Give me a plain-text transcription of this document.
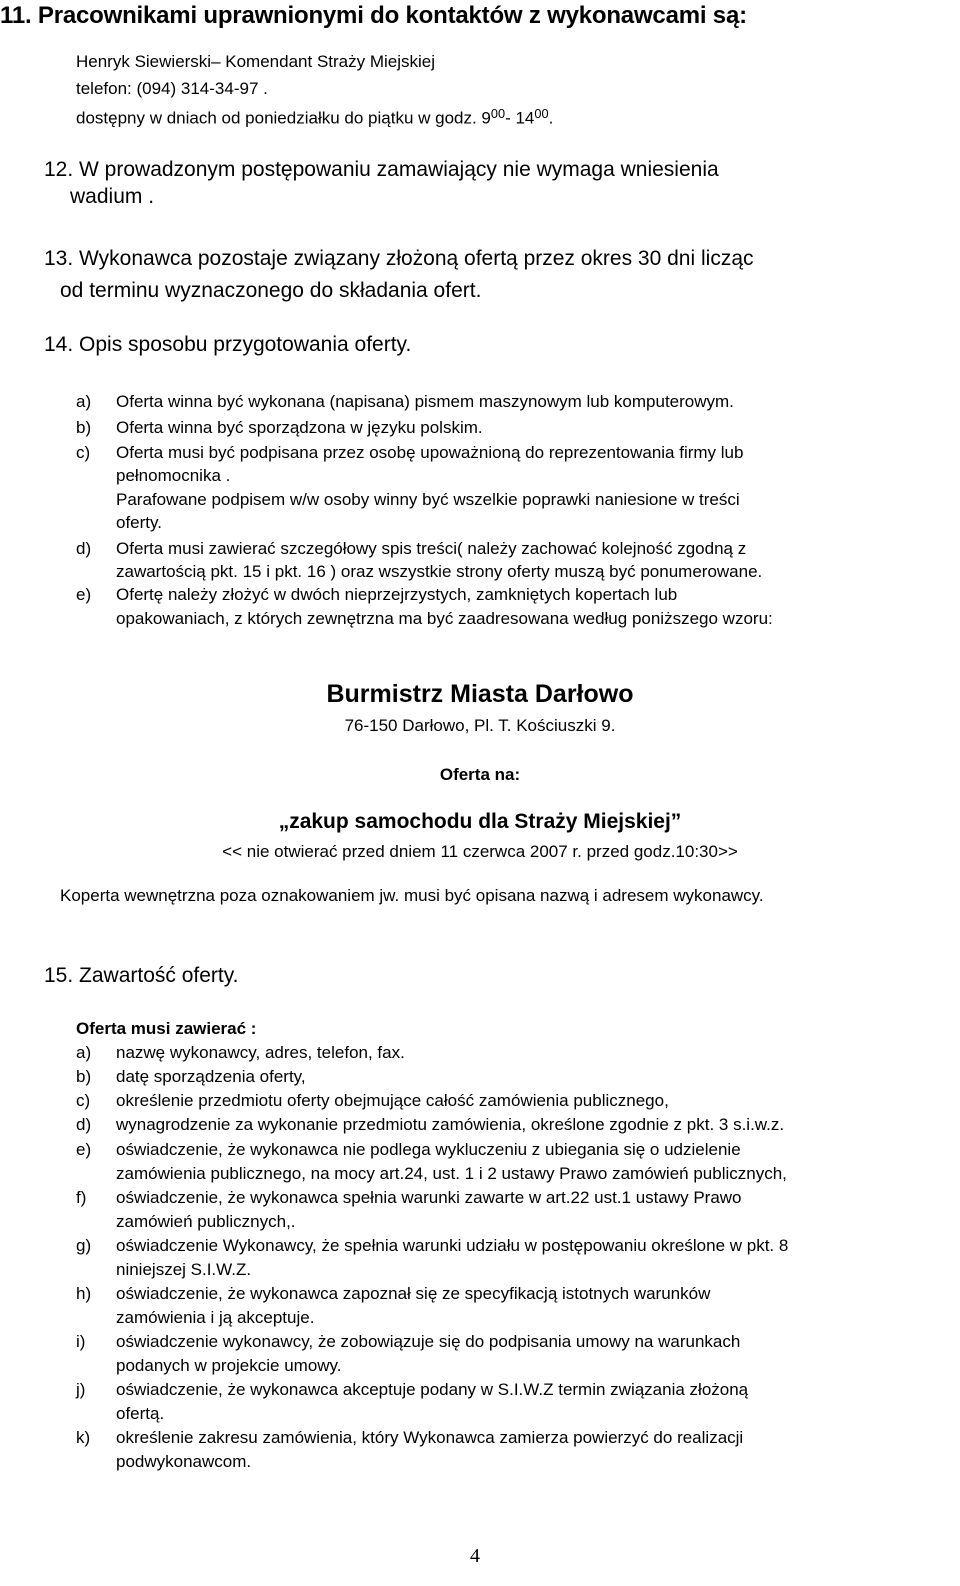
11. Pracownikami uprawnionymi do kontaktów z wykonawcami są:
Henryk Siewierski– Komendant Straży Miejskiej
telefon: (094) 314-34-97 .
dostępny w dniach od poniedziałku do piątku w godz. $9^{00}-$ $14^{00}$.
12. W prowadzonym postępowaniu zamawiający nie wymaga wniesienia
wadium .
13. Wykonawca pozostaje związany złożoną ofertą przez okres 30 dni licząc
od terminu wyznaczonego do składania ofert.
14. Opis sposobu przygotowania oferty.
a) Oferta winna być wykonana (napisana) pismem maszynowym lub komputerowym.
b) Oferta winna być sporządzona w języku polskim.
c) Oferta musi być podpisana przez osobę upoważnioną do reprezentowania firmy lub
pełnomocnika .
Parafowane podpisem w/w osoby winny być wszelkie poprawki naniesione w treści
oferty.
d) Oferta musi zawierać szczegółowy spis treści( należy zachować kolejność zgodną z
zawartością pkt. 15 i pkt. 16 ) oraz wszystkie strony oferty muszą być ponumerowane.
e) Ofertę należy złożyć w dwóch nieprzejrzystych, zamkniętych kopertach lub
opakowaniach, z których zewnętrzna ma być zaadresowana według poniższego wzoru:
Burmistrz Miasta Darłowo
76-150 Darłowo, Pl. T. Kościuszki 9.
Oferta na:
„zakup samochodu dla Straży Miejskiej”
<< nie otwierać przed dniem 11 czerwca 2007 r. przed godz.10:30>>
Koperta wewnętrzna poza oznakowaniem jw. musi być opisana nazwą i adresem wykonawcy.
15. Zawartość oferty.
Oferta musi zawierać :
a) nazwę wykonawcy, adres, telefon, fax.
b) datę sporządzenia oferty,
c) określenie przedmiotu oferty obejmujące całość zamówienia publicznego,
d) wynagrodzenie za wykonanie przedmiotu zamówienia, określone zgodnie z pkt. 3 s.i.w.z.
e) oświadczenie, że wykonawca nie podlega wykluczeniu z ubiegania się o udzielenie
zamówienia publicznego, na mocy art.24, ust. 1 i 2 ustawy Prawo zamówień publicznych,
f) oświadczenie, że wykonawca spełnia warunki zawarte w art.22 ust.1 ustawy Prawo
zamówień publicznych,.
g) oświadczenie Wykonawcy, że spełnia warunki udziału w postępowaniu określone w pkt. 8
niniejszej S.I.W.Z.
h) oświadczenie, że wykonawca zapoznał się ze specyfikacją istotnych warunków
zamówienia i ją akceptuje.
i) oświadczenie wykonawcy, że zobowiązuje się do podpisania umowy na warunkach
podanych w projekcie umowy.
j) oświadczenie, że wykonawca akceptuje podany w S.I.W.Z termin związania złożoną
ofertą.
k) określenie zakresu zamówienia, który Wykonawca zamierza powierzyć do realizacji
podwykonawcom.
4
